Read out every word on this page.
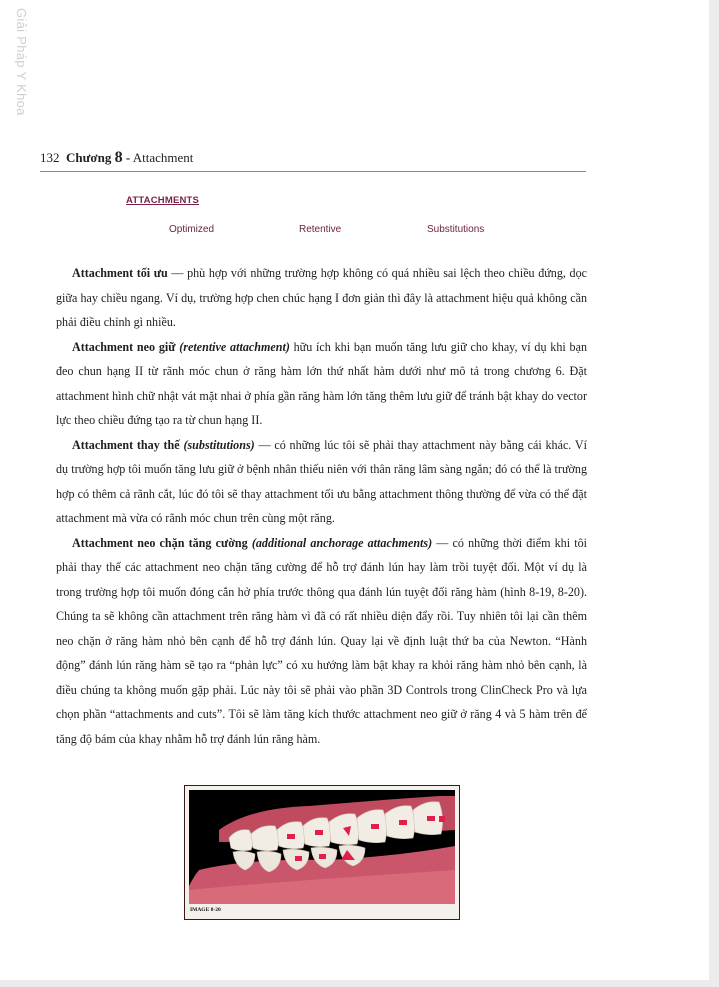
Giải Pháp Y Khoa
132 Chương 8 - Attachment
ATTACHMENTS
Optimized	Retentive	Substitutions

Attachment tối ưu — phù hợp với những trường hợp không có quá nhiều sai lệch theo chiều đứng, dọc giữa hay chiều ngang. Ví dụ, trường hợp chen chúc hạng I đơn giản thì đây là attachment hiệu quả không cần phải điều chỉnh gì nhiều.

Attachment neo giữ (retentive attachment) hữu ích khi bạn muốn tăng lưu giữ cho khay, ví dụ khi bạn đeo chun hạng II từ rãnh móc chun ở răng hàm lớn thứ nhất hàm dưới như mô tả trong chương 6. Đặt attachment hình chữ nhật vát mặt nhai ở phía gần răng hàm lớn tăng thêm lưu giữ để tránh bật khay do vector lực theo chiều đứng tạo ra từ chun hạng II.

Attachment thay thế (substitutions) — có những lúc tôi sẽ phải thay attachment này bằng cái khác. Ví dụ trường hợp tôi muốn tăng lưu giữ ở bệnh nhân thiếu niên với thân răng lâm sàng ngắn; đó có thể là trường hợp có thêm cả rãnh cắt, lúc đó tôi sẽ thay attachment tối ưu bằng attachment thông thường để vừa có thể đặt attachment mà vừa có rãnh móc chun trên cùng một răng.

Attachment neo chặn tăng cường (additional anchorage attachments) — có những thời điểm khi tôi phải thay thế các attachment neo chặn tăng cường để hỗ trợ đánh lún hay làm trồi tuyệt đối. Một ví dụ là trong trường hợp tôi muốn đóng cắn hở phía trước thông qua đánh lún tuyệt đối răng hàm (hình 8-19, 8-20). Chúng ta sẽ không cần attachment trên răng hàm vì đã có rất nhiều diện đẩy rồi. Tuy nhiên tôi lại cần thêm neo chặn ở răng hàm nhỏ bên cạnh để hỗ trợ đánh lún. Quay lại về định luật thứ ba của Newton. “Hành động” đánh lún răng hàm sẽ tạo ra “phản lực” có xu hướng làm bật khay ra khỏi răng hàm nhỏ bên cạnh, là điều chúng ta không muốn gặp phải. Lúc này tôi sẽ phải vào phần 3D Controls trong ClinCheck Pro và lựa chọn phần “attachments and cuts”. Tôi sẽ làm tăng kích thước attachment neo giữ ở răng 4 và 5 hàm trên để tăng độ bám của khay nhằm hỗ trợ đánh lún răng hàm.

IMAGE 8-20
